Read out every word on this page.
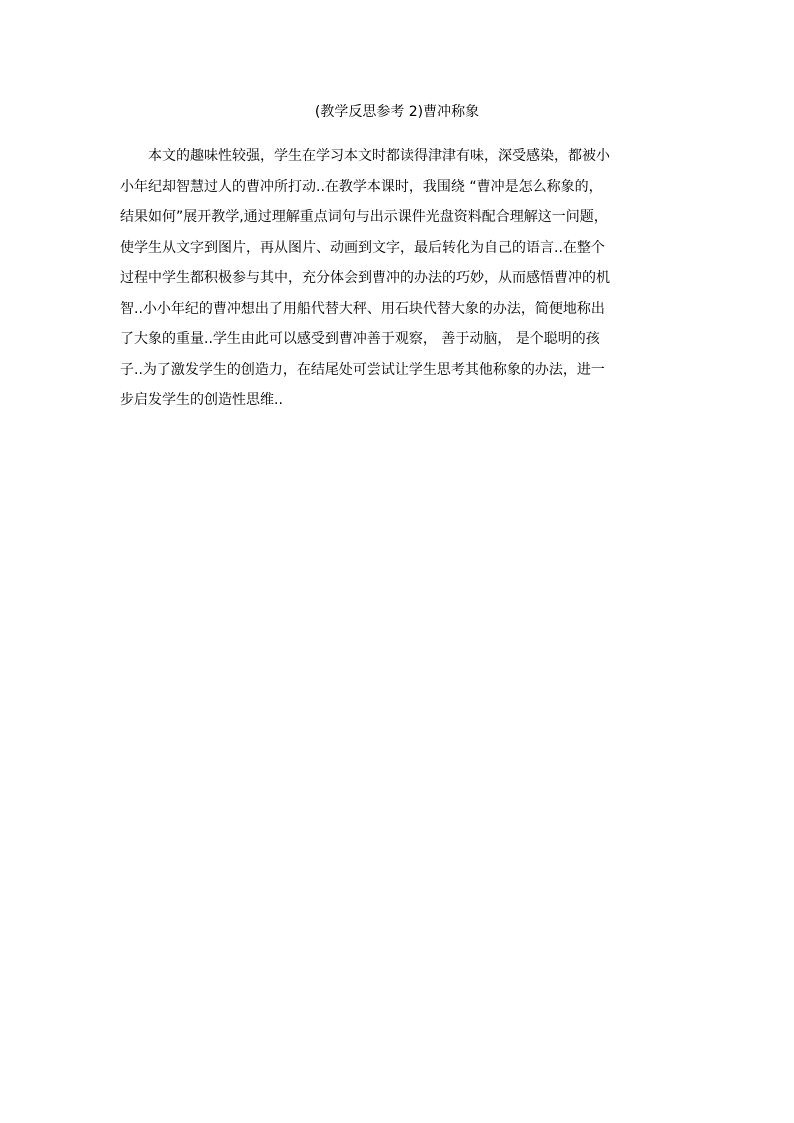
(教学反思参考 2)曹冲称象
本文的趣味性较强，学生在学习本文时都读得津津有味，深受感染，都被小
小年纪却智慧过人的曹冲所打动..在教学本课时，我围绕 “曹冲是怎么称象的，
结果如何”展开教学,通过理解重点词句与出示课件光盘资料配合理解这一问题，
使学生从文字到图片，再从图片、动画到文字，最后转化为自己的语言..在整个
过程中学生都积极参与其中，充分体会到曹冲的办法的巧妙，从而感悟曹冲的机
智..小小年纪的曹冲想出了用船代替大秤、用石块代替大象的办法，简便地称出
了大象的重量..学生由此可以感受到曹冲善于观察， 善于动脑， 是个聪明的孩
子..为了激发学生的创造力，在结尾处可尝试让学生思考其他称象的办法，进一
步启发学生的创造性思维..
